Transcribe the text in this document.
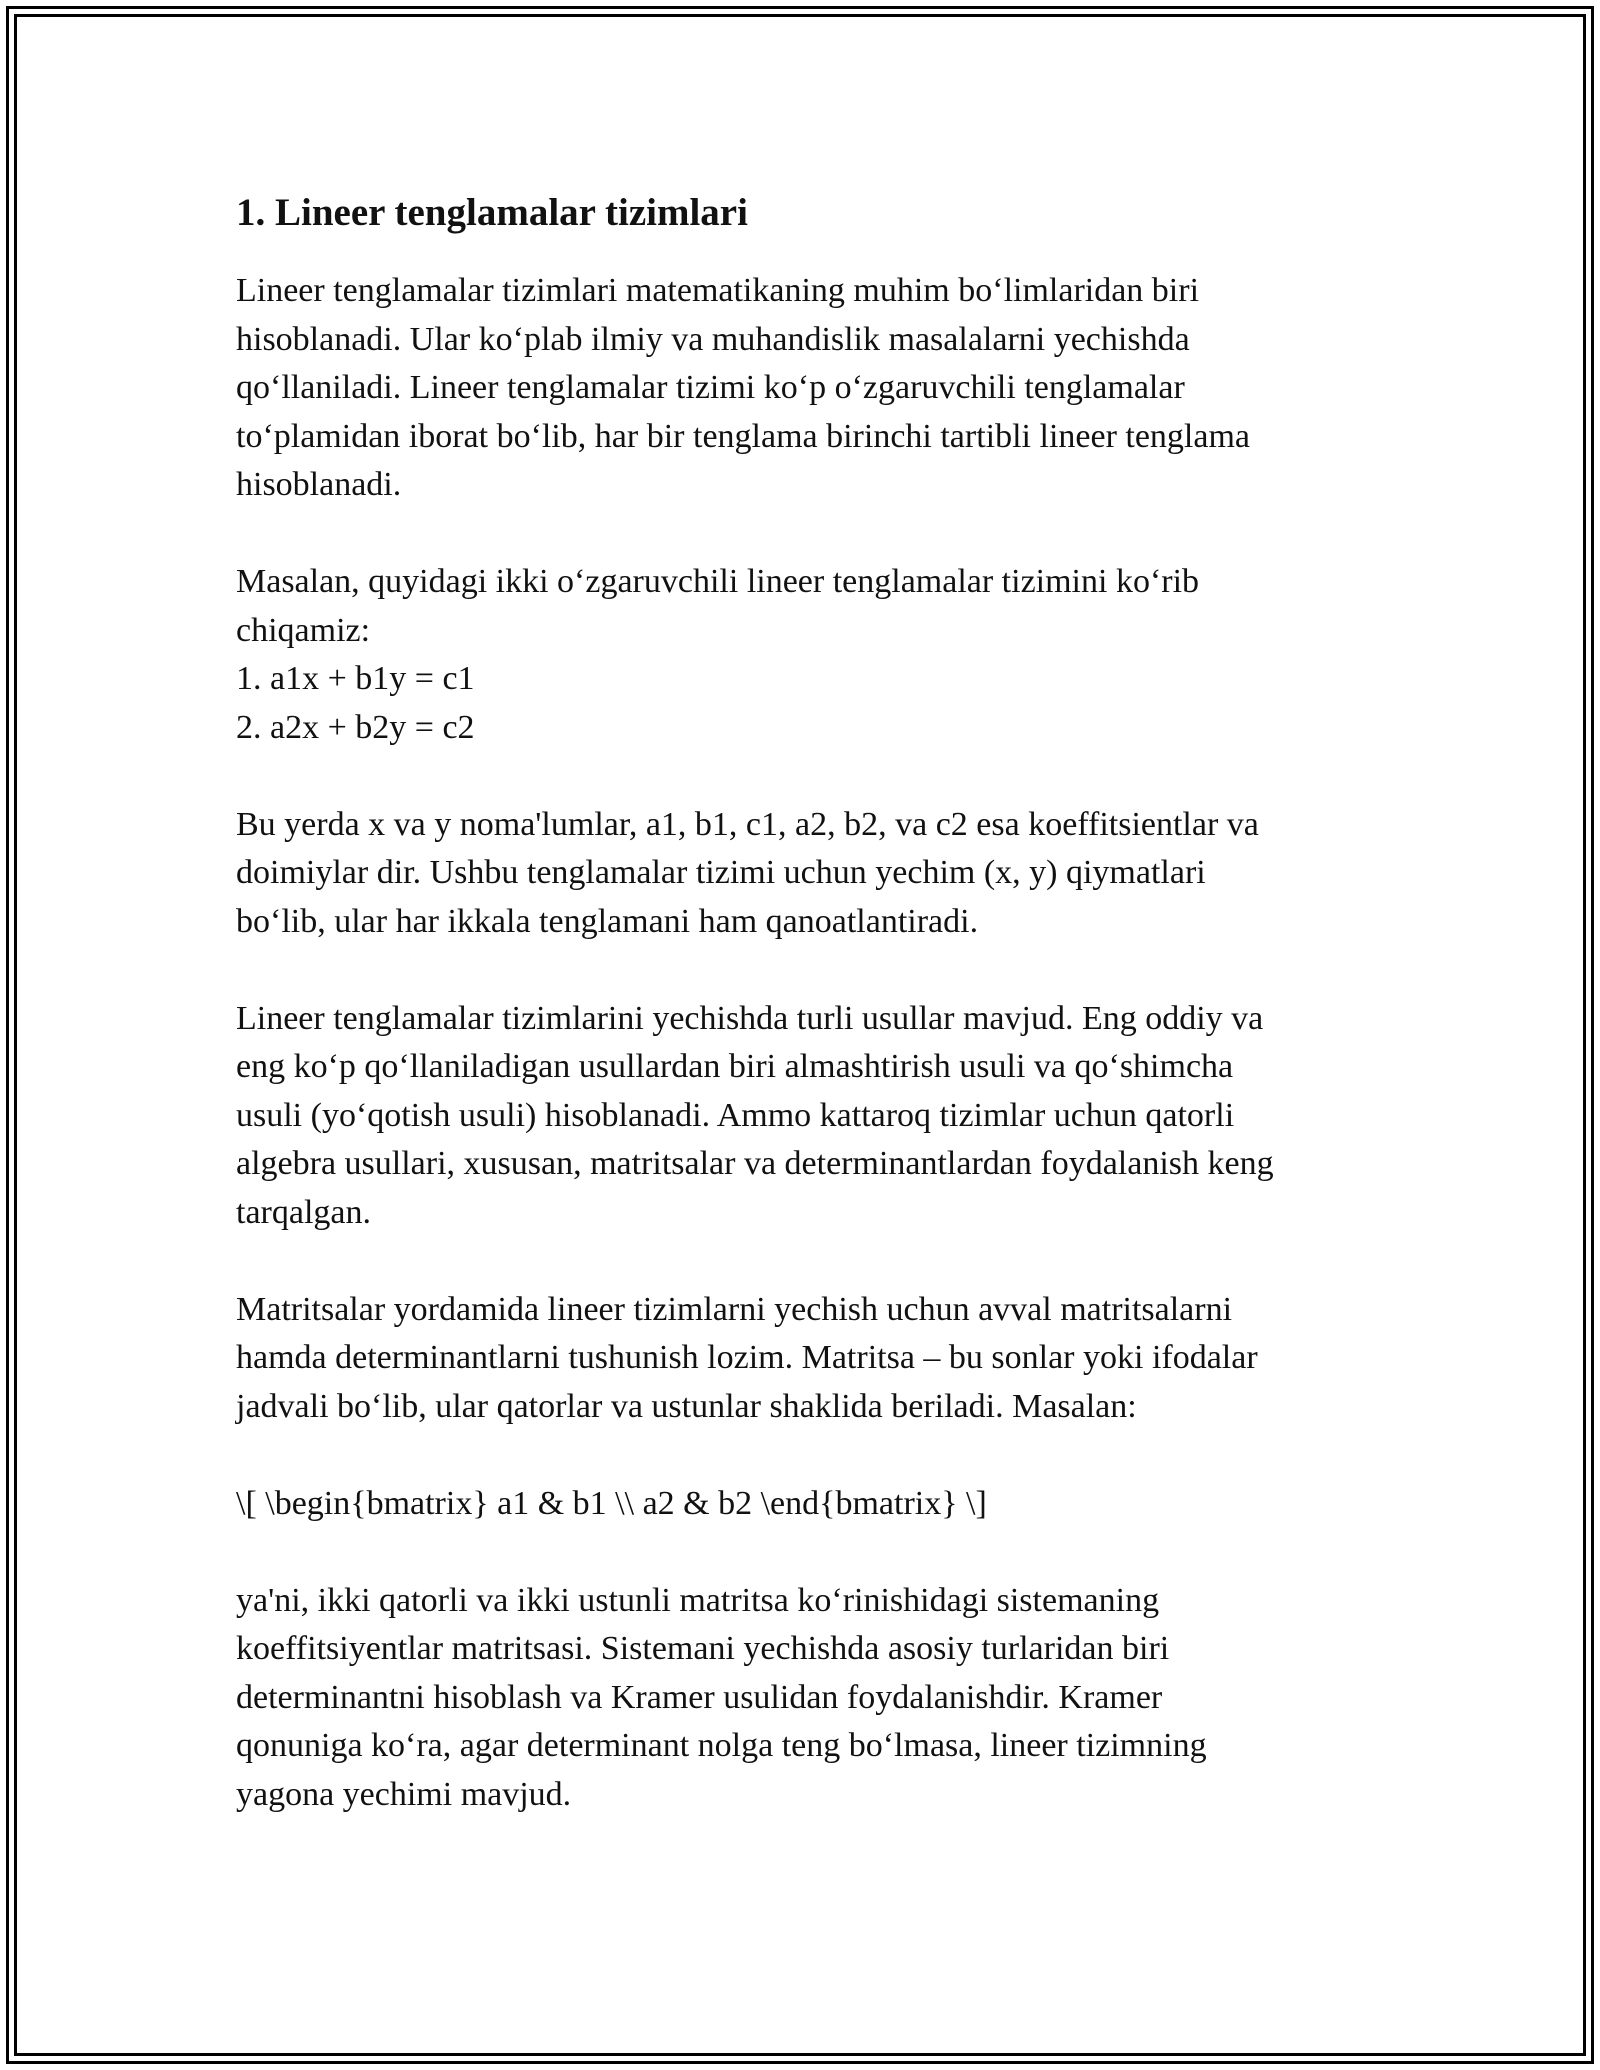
1. Lineer tenglamalar tizimlari

Lineer tenglamalar tizimlari matematikaning muhim bo‘limlaridan biri
hisoblanadi. Ular ko‘plab ilmiy va muhandislik masalalarni yechishda
qo‘llaniladi. Lineer tenglamalar tizimi ko‘p o‘zgaruvchili tenglamalar
to‘plamidan iborat bo‘lib, har bir tenglama birinchi tartibli lineer tenglama
hisoblanadi.

Masalan, quyidagi ikki o‘zgaruvchili lineer tenglamalar tizimini ko‘rib
chiqamiz:
1. a1x + b1y = c1
2. a2x + b2y = c2

Bu yerda x va y noma'lumlar, a1, b1, c1, a2, b2, va c2 esa koeffitsientlar va
doimiylar dir. Ushbu tenglamalar tizimi uchun yechim (x, y) qiymatlari
bo‘lib, ular har ikkala tenglamani ham qanoatlantiradi.

Lineer tenglamalar tizimlarini yechishda turli usullar mavjud. Eng oddiy va
eng ko‘p qo‘llaniladigan usullardan biri almashtirish usuli va qo‘shimcha
usuli (yo‘qotish usuli) hisoblanadi. Ammo kattaroq tizimlar uchun qatorli
algebra usullari, xususan, matritsalar va determinantlardan foydalanish keng
tarqalgan.

Matritsalar yordamida lineer tizimlarni yechish uchun avval matritsalarni
hamda determinantlarni tushunish lozim. Matritsa – bu sonlar yoki ifodalar
jadvali bo‘lib, ular qatorlar va ustunlar shaklida beriladi. Masalan:

\[ \begin{bmatrix} a1 & b1 \\ a2 & b2 \end{bmatrix} \]

ya'ni, ikki qatorli va ikki ustunli matritsa ko‘rinishidagi sistemaning
koeffitsiyentlar matritsasi. Sistemani yechishda asosiy turlaridan biri
determinantni hisoblash va Kramer usulidan foydalanishdir. Kramer
qonuniga ko‘ra, agar determinant nolga teng bo‘lmasa, lineer tizimning
yagona yechimi mavjud.
